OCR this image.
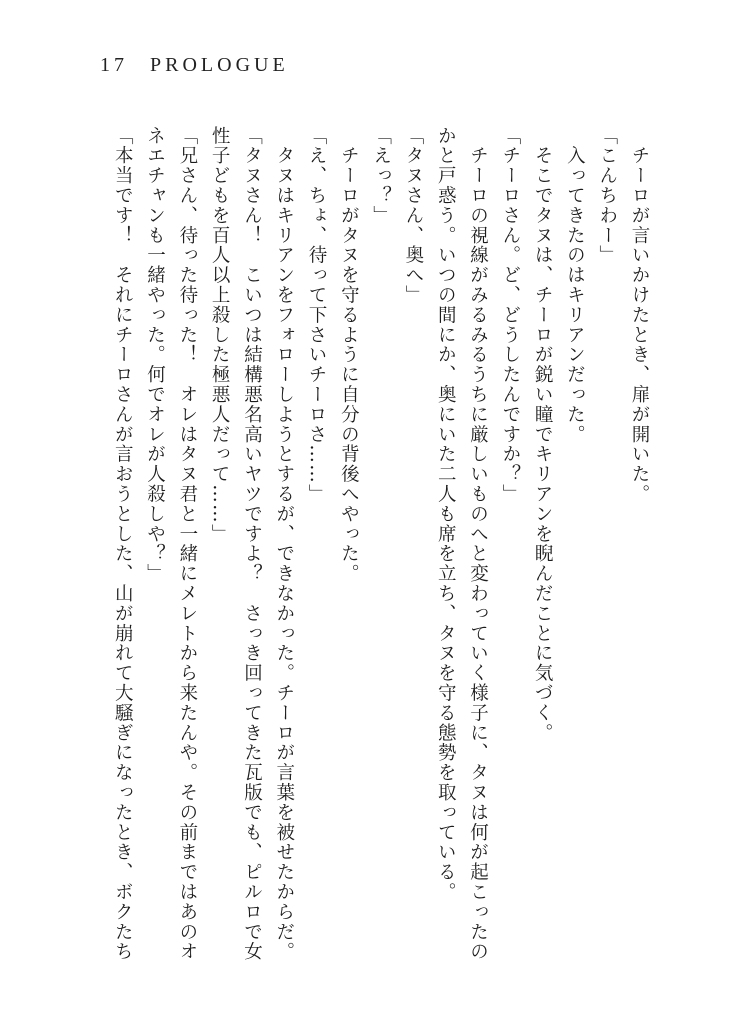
17 PROLOGUE

　チーロが言いかけたとき、扉が開いた。

「こんちわー」

　入ってきたのはキリアンだった。

　そこでタヌは、チーロが鋭い瞳でキリアンを睨んだことに気づく。

「チーロさん。ど、どうしたんですか？」

　チーロの視線がみるみるうちに厳しいものへと変わっていく様子に、タヌは何が起こったの

かと戸惑う。いつの間にか、奥にいた二人も席を立ち、タヌを守る態勢を取っている。

「タヌさん、奥へ」

「えっ？」

　チーロがタヌを守るように自分の背後へやった。

「え、ちょ、待って下さいチーロさ……」

　タヌはキリアンをフォローしようとするが、できなかった。チーロが言葉を被せたからだ。

「タヌさん！　こいつは結構悪名高いヤツですよ？　さっき回ってきた瓦版でも、ピルロで女

性子どもを百人以上殺した極悪人だって……」

「兄さん、待った待った！　オレはタヌ君と一緒にメレトから来たんや。その前まではあのオ

ネエチャンも一緒やった。何でオレが人殺しや？」

「本当です！　それにチーロさんが言おうとした、山が崩れて大騒ぎになったとき、ボクたち
